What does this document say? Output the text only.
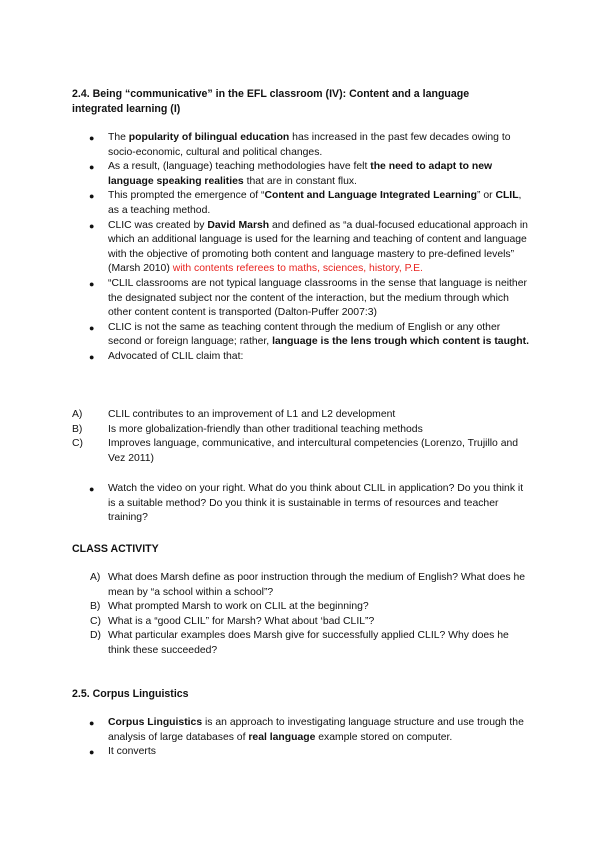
2.4. Being “communicative” in the EFL classroom (IV): Content and a language integrated learning (I)
● The popularity of bilingual education has increased in the past few decades owing to socio-economic, cultural and political changes.
● As a result, (language) teaching methodologies have felt the need to adapt to new language speaking realities that are in constant flux.
● This prompted the emergence of “Content and Language Integrated Learning” or CLIL, as a teaching method.
● CLIC was created by David Marsh and defined as “a dual-focused educational approach in which an additional language is used for the learning and teaching of content and language with the objective of promoting both content and language mastery to pre-defined levels” (Marsh 2010) with contents referees to maths, sciences, history, P.E.
● “CLIL classrooms are not typical language classrooms in the sense that language is neither the designated subject nor the content of the interaction, but the medium through which other content content is transported (Dalton-Puffer 2007:3)
● CLIC is not the same as teaching content through the medium of English or any other second or foreign language; rather, language is the lens trough which content is taught.
● Advocated of CLIL claim that:
A) CLIL contributes to an improvement of L1 and L2 development
B) Is more globalization-friendly than other traditional teaching methods
C) Improves language, communicative, and intercultural competencies (Lorenzo, Trujillo and Vez 2011)
● Watch the video on your right. What do you think about CLIL in application? Do you think it is a suitable method? Do you think it is sustainable in terms of resources and teacher training?
CLASS ACTIVITY
A) What does Marsh define as poor instruction through the medium of English? What does he mean by “a school within a school”?
B) What prompted Marsh to work on CLIL at the beginning?
C) What is a “good CLIL” for Marsh? What about ‘bad CLIL”?
D) What particular examples does Marsh give for successfully applied CLIL? Why does he think these succeeded?
2.5. Corpus Linguistics
● Corpus Linguistics is an approach to investigating language structure and use trough the analysis of large databases of real language example stored on computer.
● It converts
